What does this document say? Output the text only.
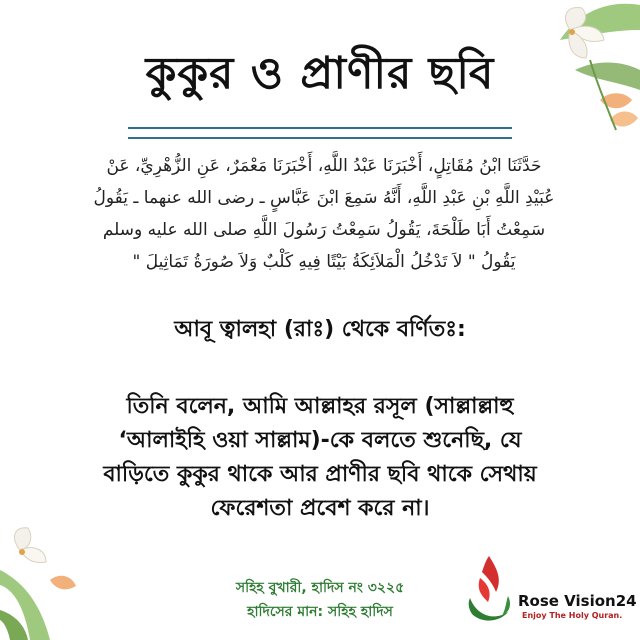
কুকুর ও প্রাণীর ছবি
حَدَّثَنَا ابْنُ مُقَاتِلٍ، أَخْبَرَنَا عَبْدُ اللَّهِ، أَخْبَرَنَا مَعْمَرٌ، عَنِ الزُّهْرِيِّ، عَنْ
عُبَيْدِ اللَّهِ بْنِ عَبْدِ اللَّهِ، أَنَّهُ سَمِعَ ابْنَ عَبَّاسٍ ـ رضى الله عنهما ـ يَقُولُ
سَمِعْتُ أَبَا طَلْحَةَ، يَقُولُ سَمِعْتُ رَسُولَ اللَّهِ صلى الله عليه وسلم
يَقُولُ " لاَ تَدْخُلُ الْمَلاَئِكَةُ بَيْتًا فِيهِ كَلْبٌ وَلاَ صُورَةُ تَمَاثِيلَ "
আবূ ত্বালহা (রাঃ) থেকে বর্ণিতঃ:
তিনি বলেন, আমি আল্লাহর রসূল (সাল্লাল্লাহু
‘আলাইহি ওয়া সাল্লাম)-কে বলতে শুনেছি, যে
বাড়িতে কুকুর থাকে আর প্রাণীর ছবি থাকে সেথায়
ফেরেশতা প্রবেশ করে না।
সহিহ বুখারী, হাদিস নং ৩২২৫
হাদিসের মান: সহিহ হাদিস
Rose Vision24
Enjoy The Holy Quran.
